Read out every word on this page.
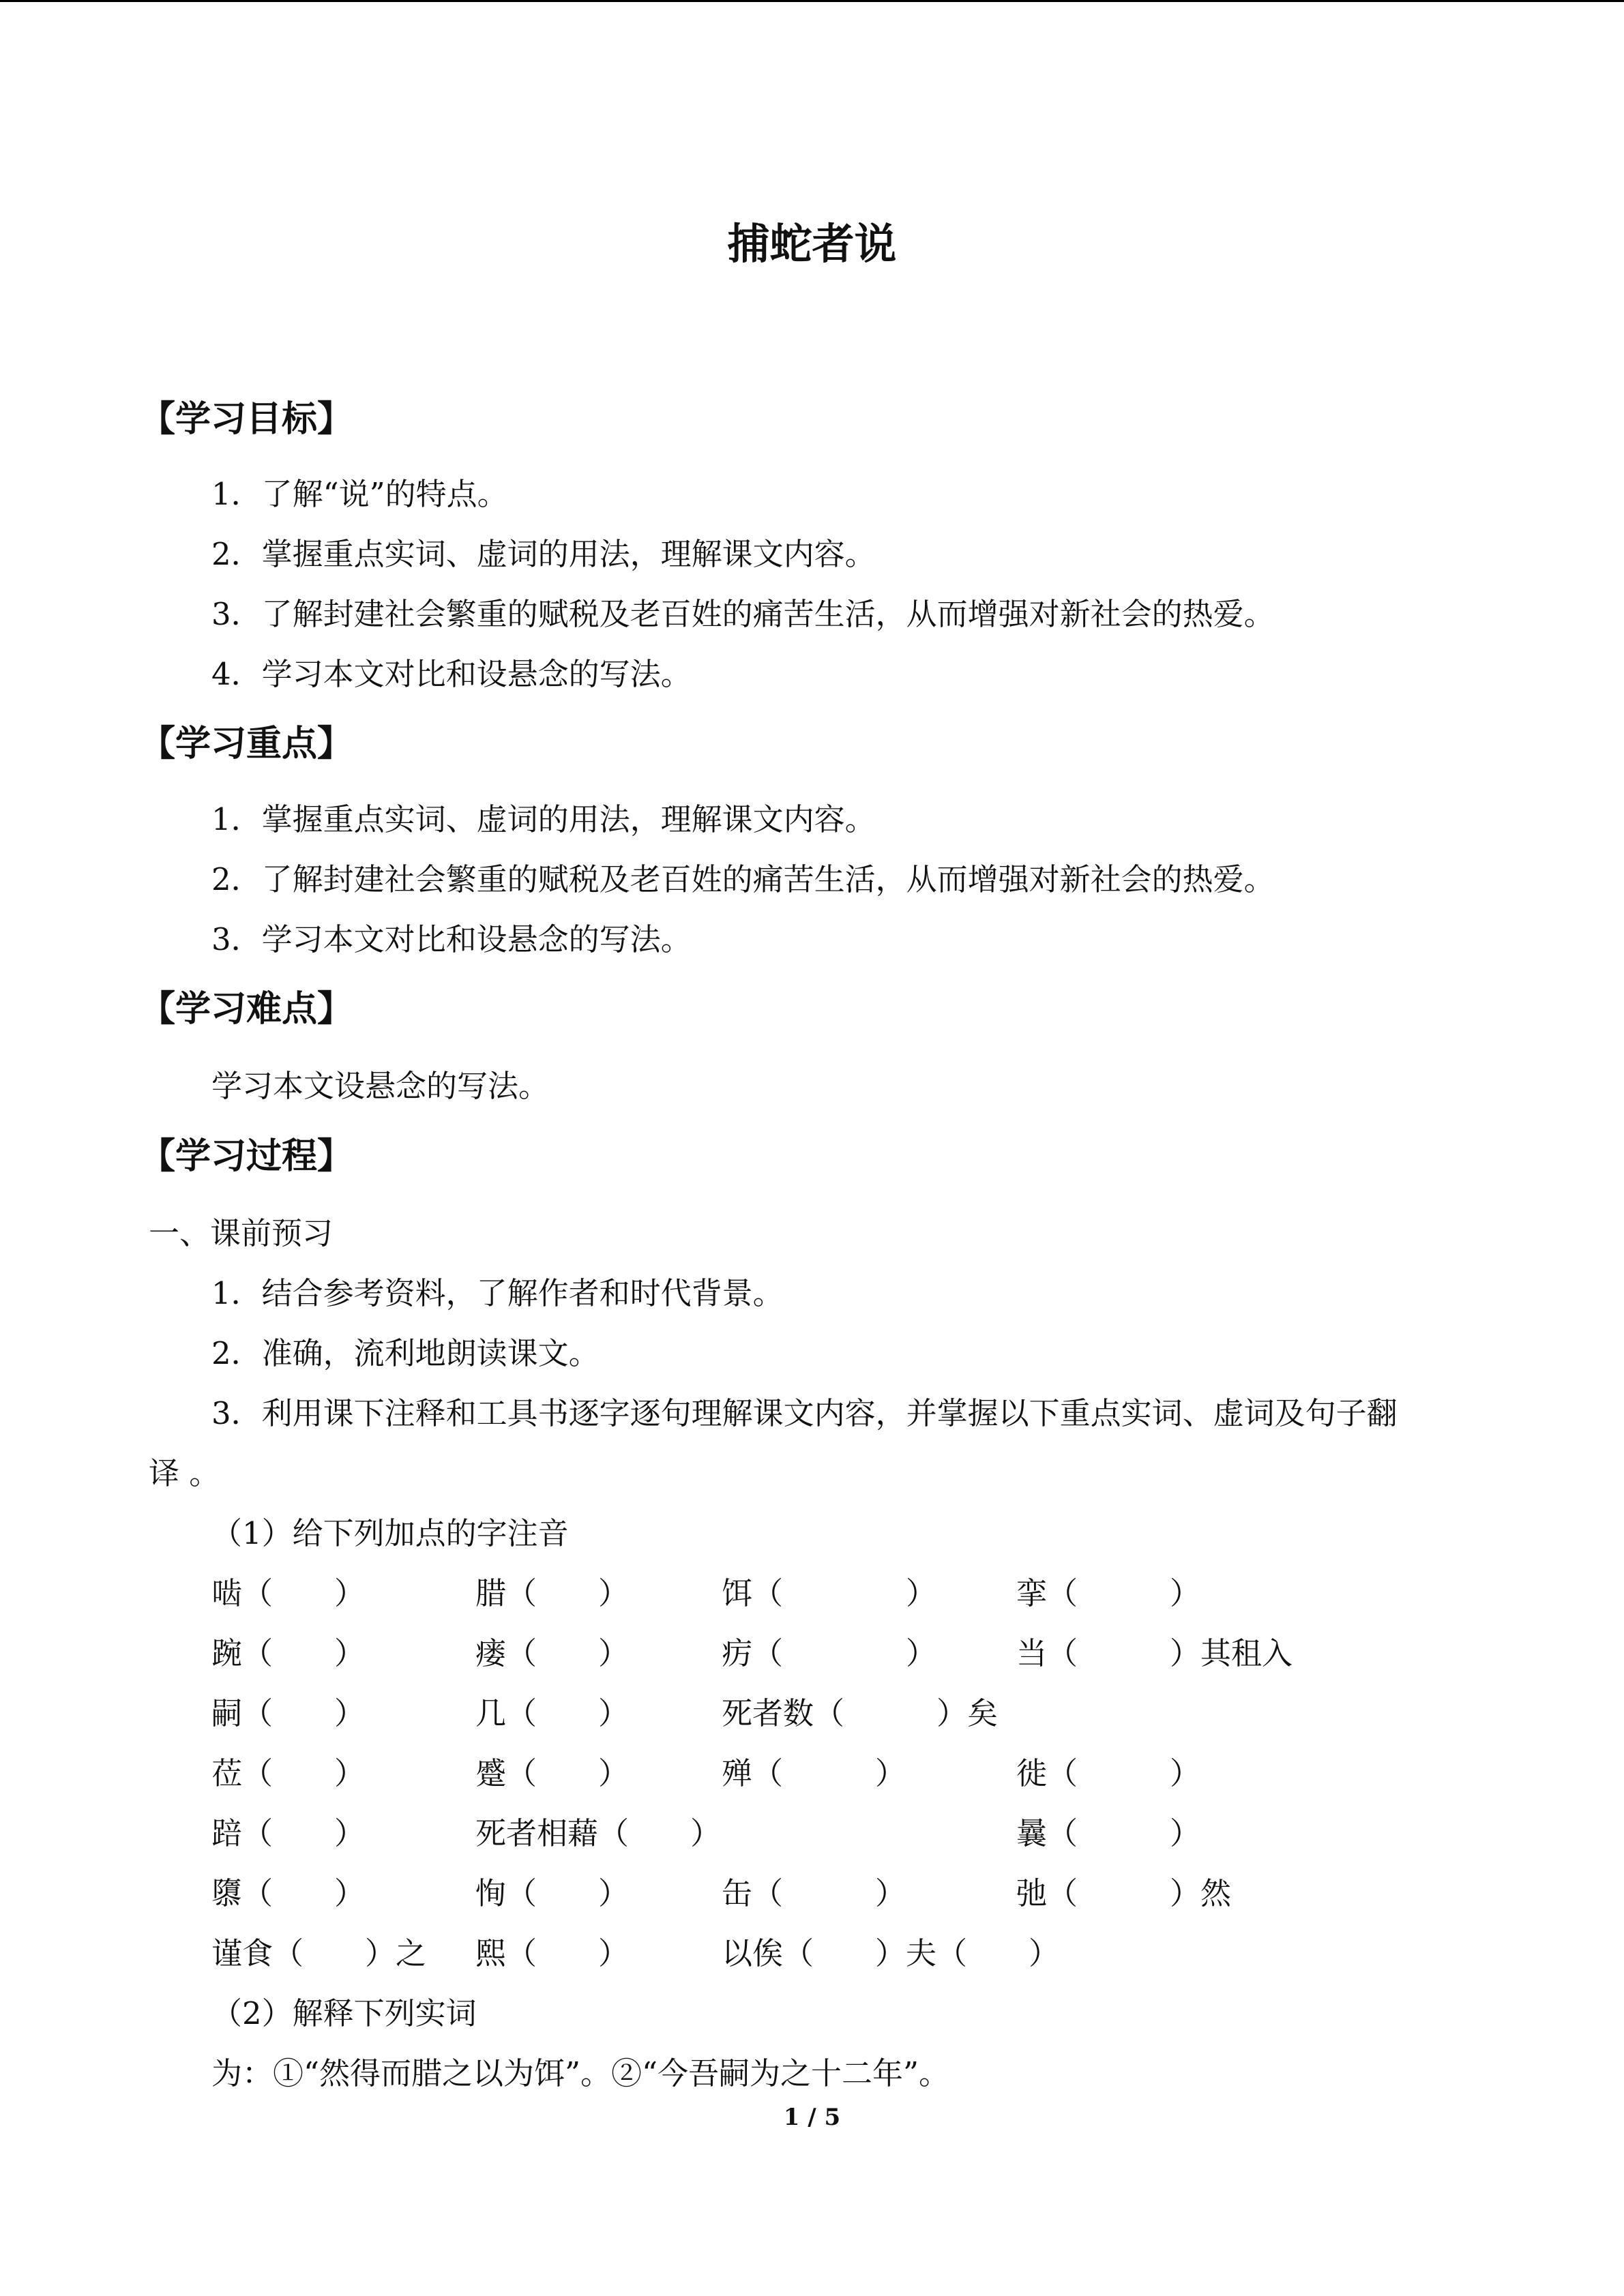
捕蛇者说
【学习目标】
1．了解“说”的特点。
2．掌握重点实词、虚词的用法，理解课文内容。
3．了解封建社会繁重的赋税及老百姓的痛苦生活，从而增强对新社会的热爱。
4．学习本文对比和设悬念的写法。
【学习重点】
1．掌握重点实词、虚词的用法，理解课文内容。
2．了解封建社会繁重的赋税及老百姓的痛苦生活，从而增强对新社会的热爱。
3．学习本文对比和设悬念的写法。
【学习难点】
学习本文设悬念的写法。
【学习过程】
一、课前预习
1．结合参考资料，了解作者和时代背景。
2．准确，流利地朗读课文。
3．利用课下注释和工具书逐字逐句理解课文内容，并掌握以下重点实词、虚词及句子翻
译 。
（1）给下列加点的字注音
啮（　　）	腊（　　）	饵（　　　　）	挛（　　　）
踠（　　）	瘘（　　）	疠（　　　　）	当（　　　）其租入
嗣（　　）	几（　　）	死者数（　　　）矣
莅（　　）	蹙（　　）	殚（　　　）	徙（　　　）
踣（　　）	死者相藉（　　）	曩（　　　）
隳（　　）	恂（　　）	缶（　　　）	弛（　　　）然
谨食（　　）之 熙（　　）	以俟（　　）夫（　　）
（2）解释下列实词
为：①“然得而腊之以为饵”。②“今吾嗣为之十二年”。
1 / 5
